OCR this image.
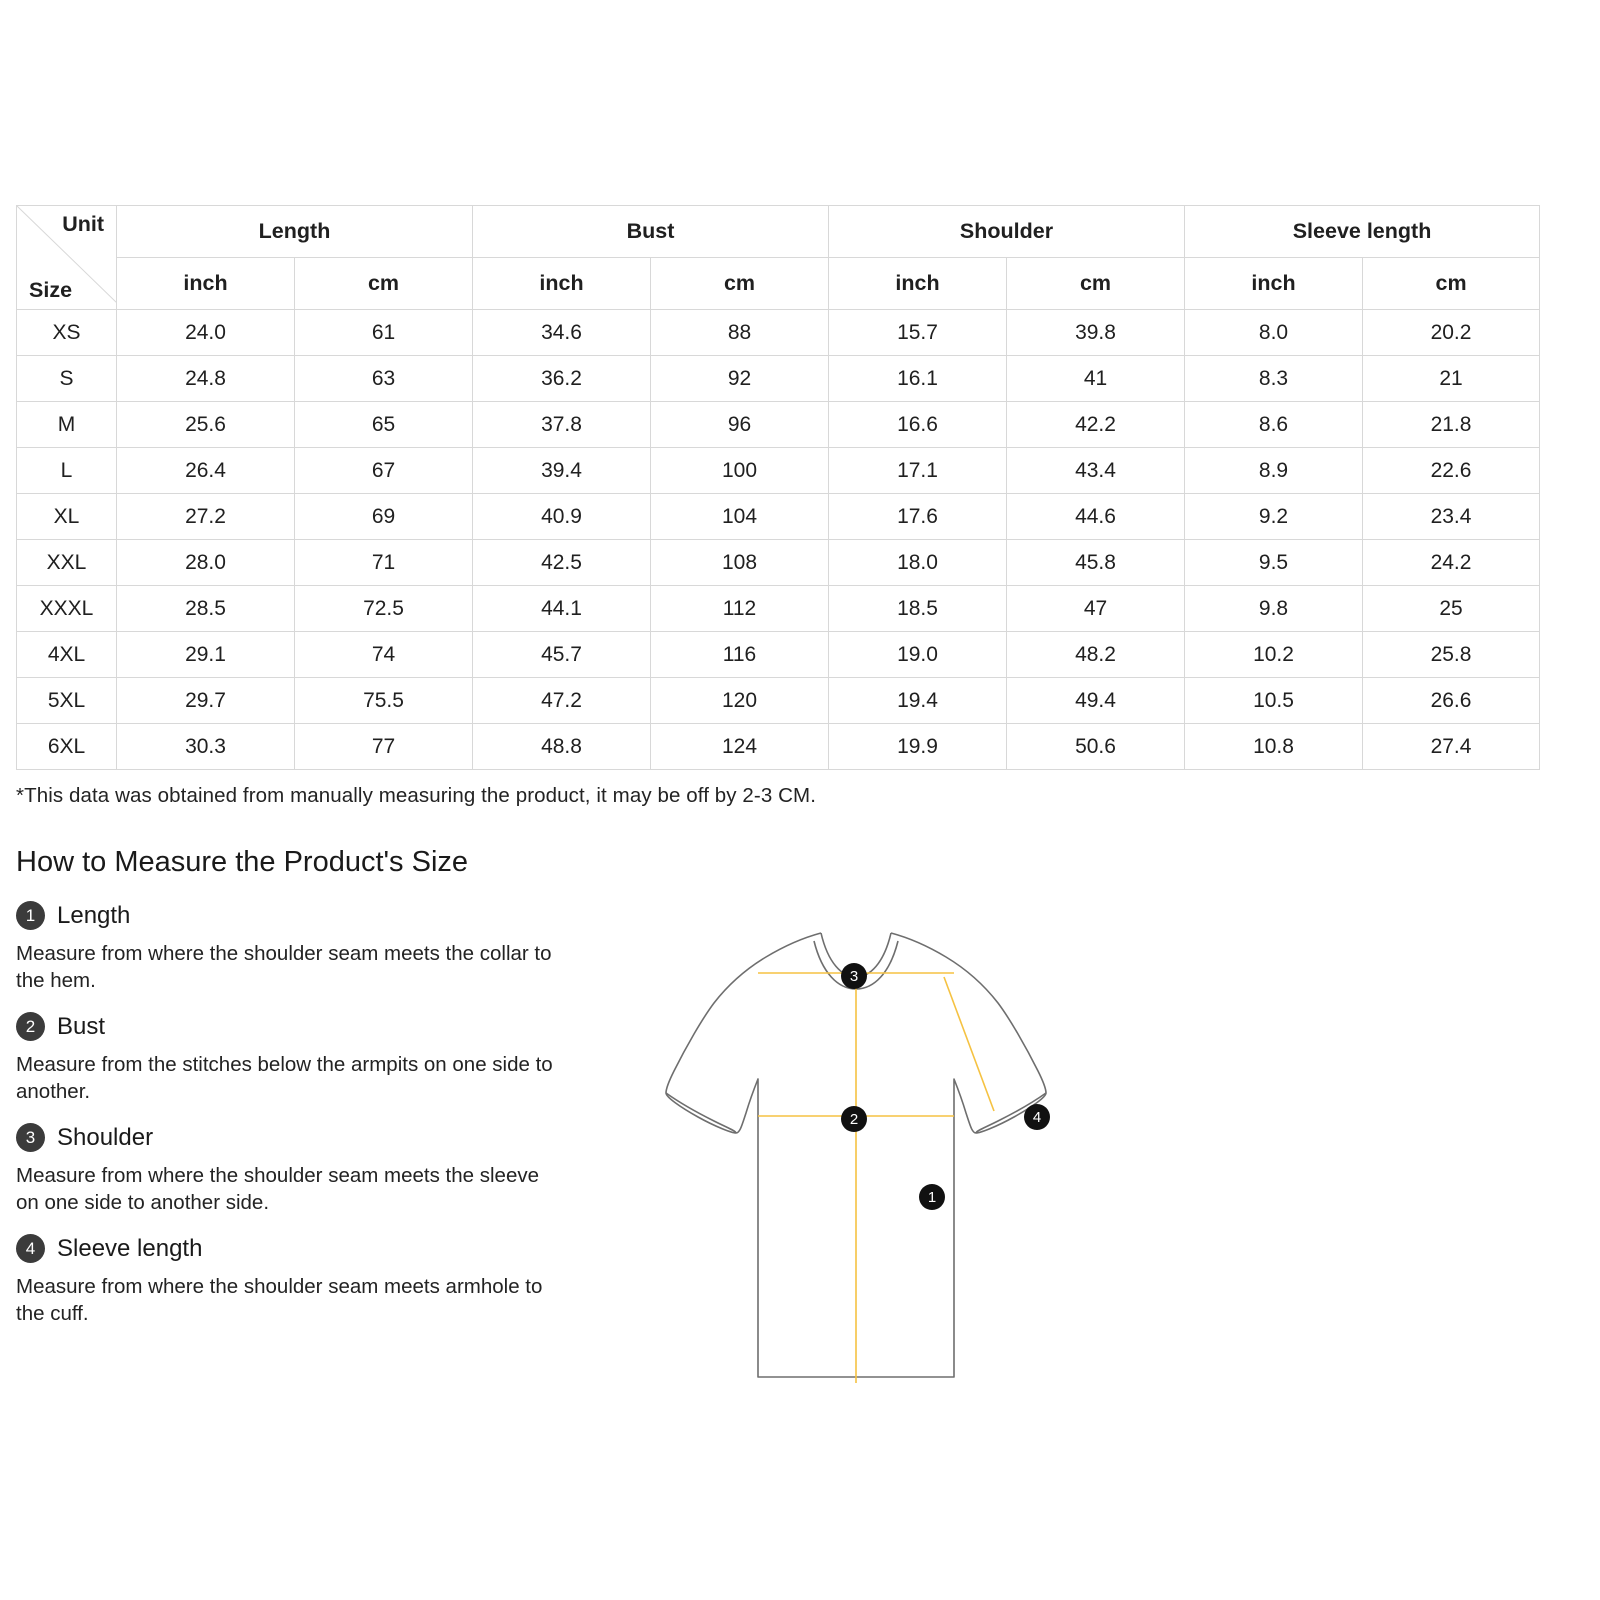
Unit
Size	Length		Bust		Shoulder		Sleeve length	
	inch	cm	inch	cm	inch	cm	inch	cm
XS	24.0	61	34.6	88	15.7	39.8	8.0	20.2
S	24.8	63	36.2	92	16.1	41	8.3	21
M	25.6	65	37.8	96	16.6	42.2	8.6	21.8
L	26.4	67	39.4	100	17.1	43.4	8.9	22.6
XL	27.2	69	40.9	104	17.6	44.6	9.2	23.4
XXL	28.0	71	42.5	108	18.0	45.8	9.5	24.2
XXXL	28.5	72.5	44.1	112	18.5	47	9.8	25
4XL	29.1	74	45.7	116	19.0	48.2	10.2	25.8
5XL	29.7	75.5	47.2	120	19.4	49.4	10.5	26.6
6XL	30.3	77	48.8	124	19.9	50.6	10.8	27.4
*This data was obtained from manually measuring the product, it may be off by 2-3 CM.
How to Measure the Product's Size
1 Length
Measure from where the shoulder seam meets the collar to the hem.
2 Bust
Measure from the stitches below the armpits on one side to another.
3 Shoulder
Measure from where the shoulder seam meets the sleeve on one side to another side.
4 Sleeve length
Measure from where the shoulder seam meets armhole to the cuff.
3
2	4
1
